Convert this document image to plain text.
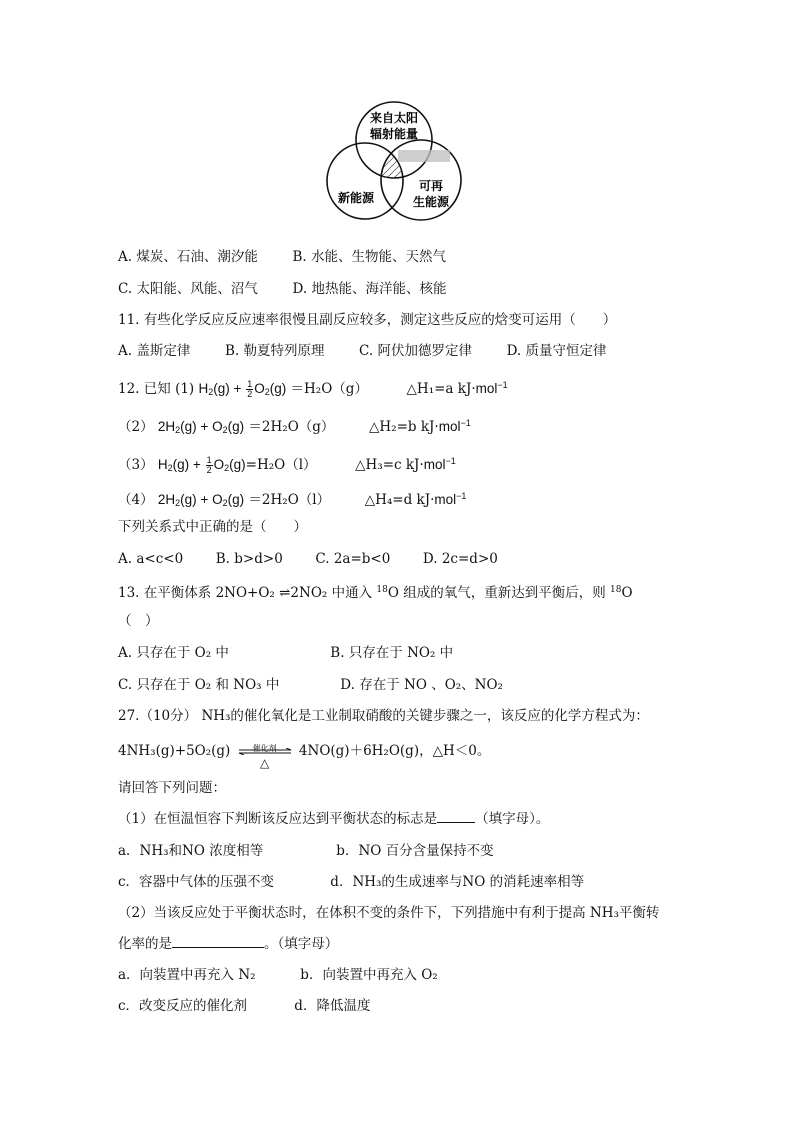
来自太阳
辐射能量
新能源
可再
生能源
A. 煤炭、石油、潮汐能	B. 水能、生物能、天然气
C. 太阳能、风能、沼气	D. 地热能、海洋能、核能
11. 有些化学反应反应速率很慢且副反应较多，测定这些反应的焓变可运用（　　）
A. 盖斯定律	B. 勒夏特列原理	C. 阿伏加德罗定律	D. 质量守恒定律
12. 已知 (1) $H_2(g) + \frac{1}{2} O_2(g) =H_2O(g)$	△H₁=a kJ·mol$^{-1}$
（2） $2H_2(g) + O_2(g) =2H_2O(g)$	△H₂=b kJ·mol$^{-1}$
（3） $H_2(g) + \frac{1}{2} O_2(g)=H_2O(l)$	△H₃=c kJ·mol$^{-1}$
（4） $2H_2(g) + O_2(g) =2H_2O(l)$	△H₄=d kJ·mol$^{-1}$
下列关系式中正确的是（　　）
A. a<c<0 B. b>d>0 C. 2a=b<0 D. 2c=d>0
13. 在平衡体系 2NO+O₂ ⇌2NO₂ 中通入 $^{18}$O 组成的氧气，重新达到平衡后，则 $^{18}$O
（　）
A. 只存在于 O₂ 中	B. 只存在于 NO₂ 中
C. 只存在于 O₂ 和 NO₃ 中	D. 存在于 NO 、O₂、NO₂
27.（10分） NH₃的催化氧化是工业制取硝酸的关键步骤之一，该反应的化学方程式为：
4NH₃(g)+5O₂(g)	催化剂
△
4NO(g)＋6H₂O(g)，△H＜0。
请回答下列问题：
（1）在恒温恒容下判断该反应达到平衡状态的标志是	（填字母）。
a．NH₃和NO 浓度相等	b．NO 百分含量保持不变
c．容器中气体的压强不变	d．NH₃的生成速率与NO 的消耗速率相等
（2）当该反应处于平衡状态时，在体积不变的条件下，下列措施中有利于提高 NH₃平衡转
化率的是	。（填字母）
a．向装置中再充入 N₂	b．向装置中再充入 O₂
c．改变反应的催化剂	d．降低温度
